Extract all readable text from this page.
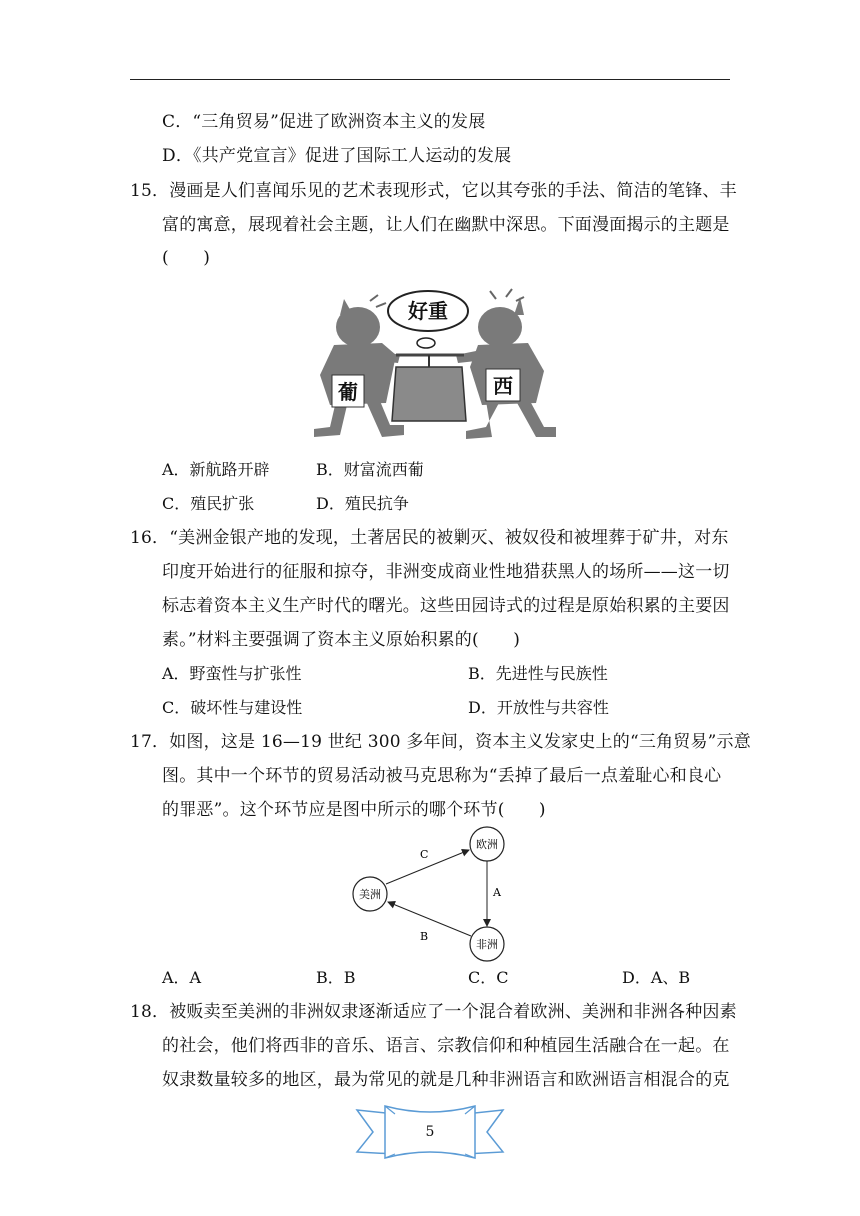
C．“三角贸易”促进了欧洲资本主义的发展
D．《共产党宣言》促进了国际工人运动的发展
15．漫画是人们喜闻乐见的艺术表现形式，它以其夸张的手法、简洁的笔锋、丰
富的寓意，展现着社会主题，让人们在幽默中深思。下面漫面揭示的主题是
(　　)
好重
葡	西
A．新航路开辟	B．财富流西葡
C．殖民扩张	D．殖民抗争
16．“美洲金银产地的发现，土著居民的被剿灭、被奴役和被埋葬于矿井，对东
印度开始进行的征服和掠夺，非洲变成商业性地猎获黑人的场所——这一切
标志着资本主义生产时代的曙光。这些田园诗式的过程是原始积累的主要因
素。”材料主要强调了资本主义原始积累的(　　)
A．野蛮性与扩张性	B．先进性与民族性
C．破坏性与建设性	D．开放性与共容性
17．如图，这是 16—19 世纪 300 多年间，资本主义发家史上的“三角贸易”示意
图。其中一个环节的贸易活动被马克思称为“丢掉了最后一点羞耻心和良心
的罪恶”。这个环节应是图中所示的哪个环节(　　)
欧洲
美洲
非洲
C
A
B
A．A	B．B	C．C	D．A、B
18．被贩卖至美洲的非洲奴隶逐渐适应了一个混合着欧洲、美洲和非洲各种因素
的社会，他们将西非的音乐、语言、宗教信仰和种植园生活融合在一起。在
奴隶数量较多的地区，最为常见的就是几种非洲语言和欧洲语言相混合的克
5
